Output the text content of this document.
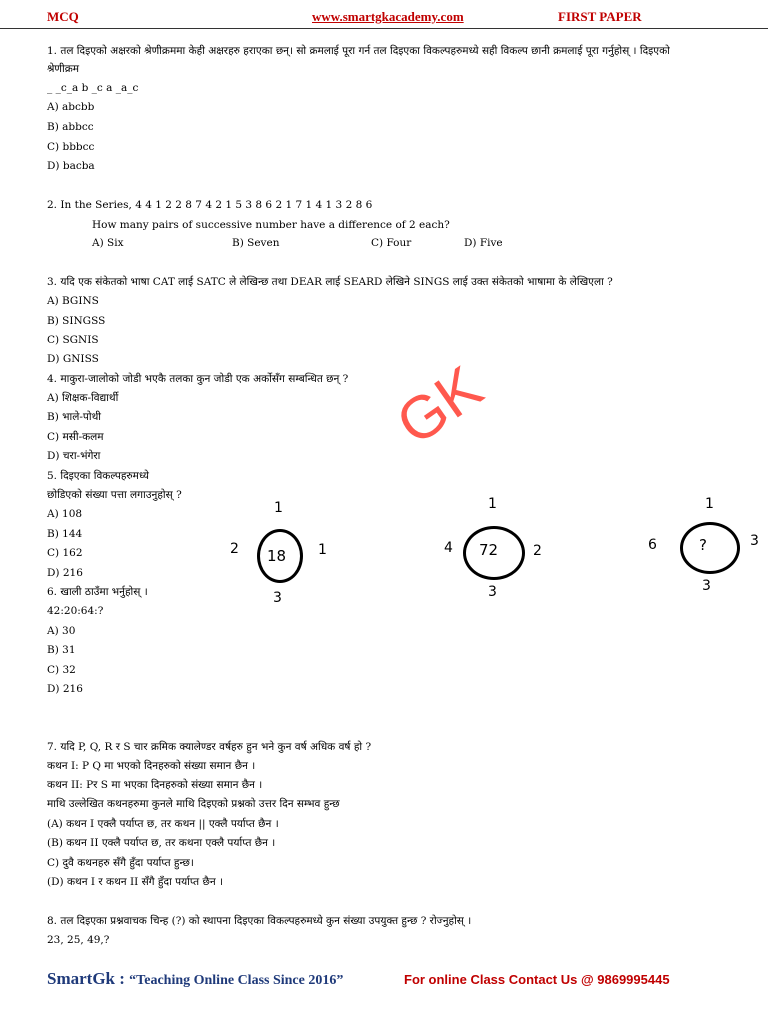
MCQ	www.smartgkacademy.com	FIRST PAPER
1. तल दिइएको अक्षरको श्रेणीक्रममा केही अक्षरहरु हराएका छन्। सो क्रमलाई पूरा गर्न तल दिइएका विकल्पहरुमध्ये सही विकल्प छानी क्रमलाई पूरा गर्नुहोस् । दिइएको
श्रेणीक्रम
_ _c_a b _c a _a_c
A) abcbb
B) abbcc
C) bbbcc
D) bacba
2. In the Series, 4 4 1 2 2 8 7 4 2 1 5 3 8 6 2 1 7 1 4 1 3 2 8 6
How many pairs of successive number have a difference of 2 each?
A) Six	B) Seven	C) Four	D) Five
3. यदि एक संकेतको भाषा CAT लाई SATC ले लेखिन्छ तथा DEAR लाई SEARD लेखिने SINGS लाई उक्त संकेतको भाषामा के लेखिएला ?
A) BGINS
B) SINGSS
C) SGNIS
D) GNISS
4. माकुरा-जालोको जोडी भएकै तलका कुन जोडी एक अर्कोसँग सम्बन्धित छन् ?
A) शिक्षक-विद्यार्थी
B) भाले-पोथी
C) मसी-कलम
D) चरा-भंगेरा	GK
5. दिइएका विकल्पहरुमध्ये
छोडिएको संख्या पत्ता लगाउनुहोस् ?
A) 108
B) 144
C) 162
D) 216
1
2 18 1
3
1
4 72 2
3
1
6	?	3
3
6. खाली ठाउँमा भर्नुहोस् ।
42:20:64:?
A) 30
B) 31
C) 32
D) 216
7. यदि P, Q, R र S चार क्रमिक क्यालेण्डर वर्षहरु हुन भने कुन वर्ष अधिक वर्ष हो ?
कथन I: P Q मा भएको दिनहरुको संख्या समान छैन ।
कथन II: Pर S मा भएका दिनहरुको संख्या समान छैन ।
माथि उल्लेखित कथनहरुमा कुनले माथि दिइएको प्रश्नको उत्तर दिन सम्भव हुन्छ
(A) कथन I एक्लै पर्याप्त छ, तर कथन || एक्लै पर्याप्त छैन ।
(B) कथन II एक्लै पर्याप्त छ, तर कथना एक्लै पर्याप्त छैन ।
C) दुवै कथनहरु सँगै हुँदा पर्याप्त हुन्छ।
(D) कथन I र कथन II सँगै हुँदा पर्याप्त छैन ।
8. तल दिइएका प्रश्नवाचक चिन्ह (?) को स्थापना दिइएका विकल्पहरुमध्ये कुन संख्या उपयुक्त हुन्छ ? रोज्नुहोस् ।
23, 25, 49,?
SmartGk : “Teaching Online Class Since 2016”	For online Class Contact Us @ 9869995445
